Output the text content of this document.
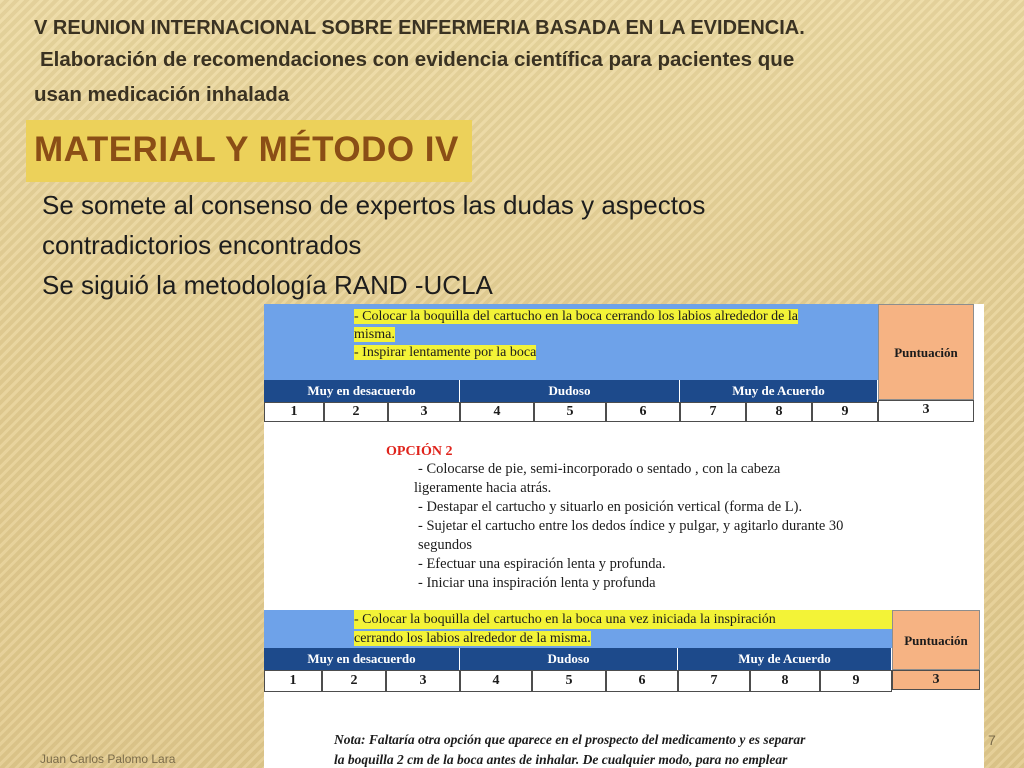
V REUNION INTERNACIONAL SOBRE ENFERMERIA BASADA EN LA EVIDENCIA.
Elaboración de recomendaciones con evidencia científica para pacientes que
usan medicación inhalada
MATERIAL Y MÉTODO IV
Se somete al consenso de expertos las dudas y aspectos
contradictorios encontrados
Se siguió la metodología RAND -UCLA
- Colocar la boquilla del cartucho en la boca cerrando los labios alrededor de la
misma.
- Inspirar lentamente por la boca	Puntuación
Muy en desacuerdo	Dudoso	Muy de Acuerdo
1	2	3	4	5	6	7	8	9	3
OPCIÓN 2
- Colocarse de pie, semi-incorporado o sentado , con la cabeza
ligeramente hacia atrás.
- Destapar el cartucho y situarlo en posición vertical (forma de L).
- Sujetar el cartucho entre los dedos índice y pulgar, y agitarlo durante 30
segundos
- Efectuar una espiración lenta y profunda.
- Iniciar una inspiración lenta y profunda
- Colocar la boquilla del cartucho en la boca una vez iniciada la inspiración
cerrando los labios alrededor de la misma.	Puntuación
Muy en desacuerdo	Dudoso	Muy de Acuerdo
1	2	3	4	5	6	7	8	9	3
Nota: Faltaría otra opción que aparece en el prospecto del medicamento y es separar
la boquilla 2 cm de la boca antes de inhalar. De cualquier modo, para no emplear
Juan Carlos Palomo Lara
7
